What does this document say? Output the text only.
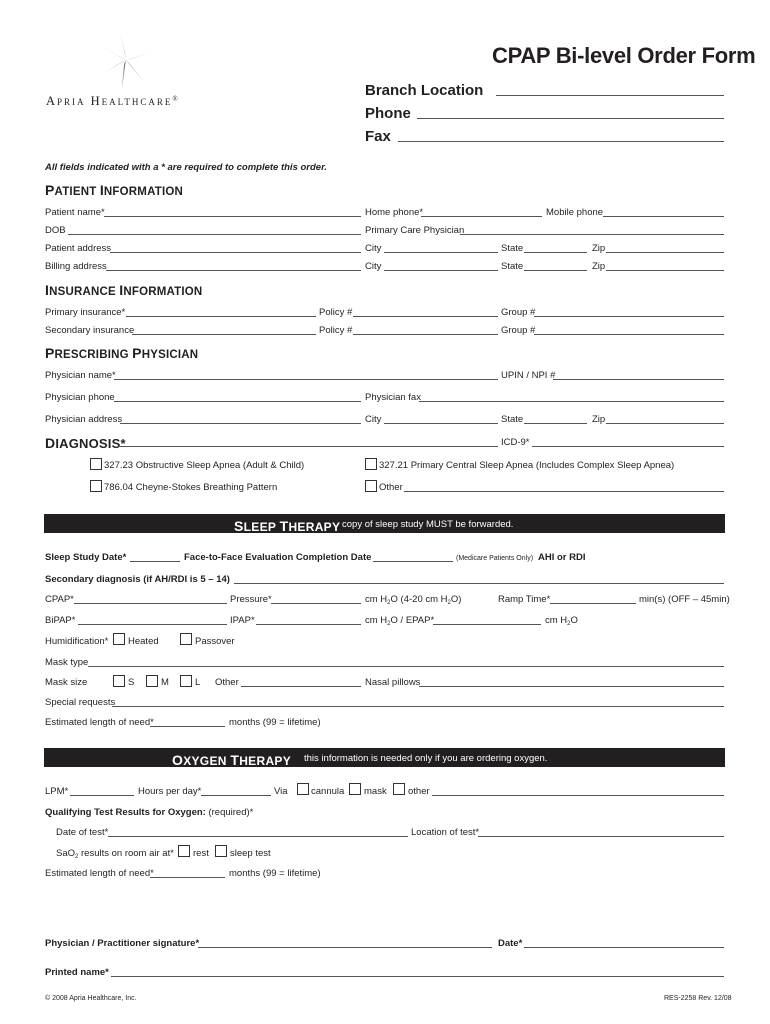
Apria Healthcare®
CPAP Bi-level Order Form
Branch Location
Phone
Fax
All fields indicated with a * are required to complete this order.
PATIENT INFORMATION
Patient name*	Home phone*	Mobile phone
DOB	Primary Care Physician
Patient address	City	State	Zip
Billing address	City	State	Zip
INSURANCE INFORMATION
Primary insurance*	Policy #	Group #
Secondary insurance	Policy #	Group #
PRESCRIBING PHYSICIAN
Physician name*	UPIN / NPI #
Physician phone	Physician fax
Physician address	City	State	Zip
DIAGNOSIS*	ICD-9*
327.23 Obstructive Sleep Apnea (Adult & Child)	327.21 Primary Central Sleep Apnea (Includes Complex Sleep Apnea)
786.04 Cheyne-Stokes Breathing Pattern	Other
SLEEP THERAPY copy of sleep study MUST be forwarded.
Sleep Study Date*	Face-to-Face Evaluation Completion Date	(Medicare Patients Only) AHI or RDI
Secondary diagnosis (if AH/RDI is 5 – 14)
CPAP*	Pressure*	cm $H_2O$ (4-20 cm $H_2O$)	Ramp Time*	min(s) (OFF – 45min)
BiPAP*	IPAP*	cm $H_2O$ / EPAP*	cm $H_2O$
Humidification* Heated	Passover
Mask type
Mask size	S	M	L Other	Nasal pillows
Special requests
Estimated length of need*	months (99 = lifetime)
OXYGEN THERAPY this information is needed only if you are ordering oxygen.
LPM*	Hours per day*	Via cannula mask other
Qualifying Test Results for Oxygen: (required)*
Date of test*	Location of test*
SaO$_2$ results on room air at* rest sleep test
Estimated length of need*	months (99 = lifetime)
Physician / Practitioner signature*	Date*
Printed name*
© 2008 Apria Healthcare, Inc.	RES-2258 Rev. 12/08
